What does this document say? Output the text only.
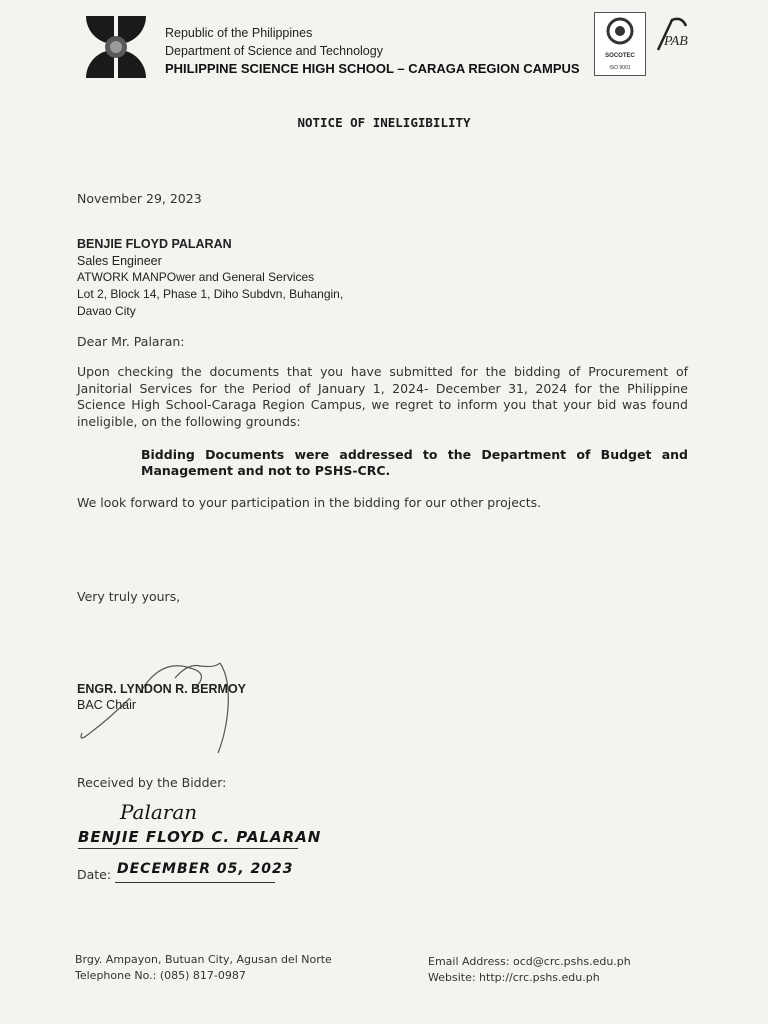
Republic of the Philippines
Department of Science and Technology
PHILIPPINE SCIENCE HIGH SCHOOL – CARAGA REGION CAMPUS
SOCOTEC
ISO 9001
PAB
NOTICE OF INELIGIBILITY
November 29, 2023
BENJIE FLOYD PALARAN
Sales Engineer
ATWORK MANPOwer and General Services
Lot 2, Block 14, Phase 1, Diho Subdvn, Buhangin,
Davao City
Dear Mr. Palaran:

Upon checking the documents that you have submitted for the bidding of Procurement of Janitorial Services for the Period of January 1, 2024- December 31, 2024 for the Philippine Science High School-Caraga Region Campus, we regret to inform you that your bid was found ineligible, on the following grounds:

Bidding Documents were addressed to the Department of Budget and Management and not to PSHS-CRC.

We look forward to your participation in the bidding for our other projects.

Very truly yours,
ENGR. LYNDON R. BERMOY
BAC Chair
Received by the Bidder:
Palaran
BENJIE FLOYD C. PALARAN
Date: DECEMBER 05, 2023
Brgy. Ampayon, Butuan City, Agusan del Norte
Telephone No.: (085) 817-0987
Email Address: ocd@crc.pshs.edu.ph
Website: http://crc.pshs.edu.ph
